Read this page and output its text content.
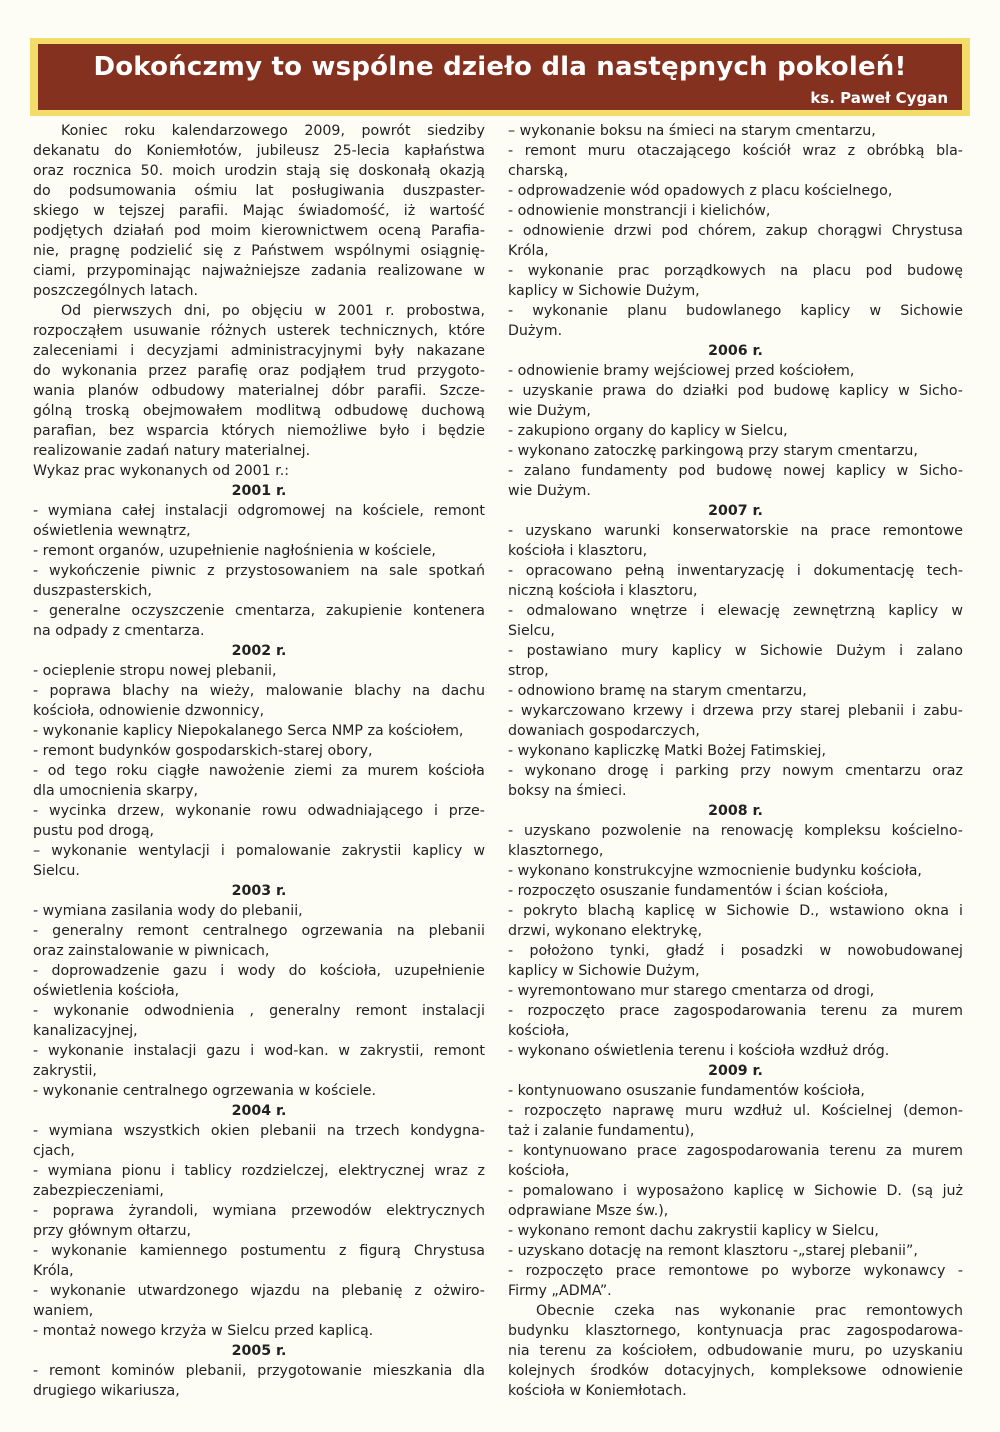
Dokończmy to wspólne dzieło dla następnych pokoleń!
ks. Paweł Cygan
Koniec roku kalendarzowego 2009, powrót siedziby
dekanatu do Koniemłotów, jubileusz 25-lecia kapłaństwa
oraz rocznica 50. moich urodzin stają się doskonałą okazją
do podsumowania ośmiu lat posługiwania duszpaster-
skiego w tejszej parafii. Mając świadomość, iż wartość
podjętych działań pod moim kierownictwem oceną Parafia-
nie, pragnę podzielić się z Państwem wspólnymi osiągnię-
ciami, przypominając najważniejsze zadania realizowane w
poszczególnych latach.
Od pierwszych dni, po objęciu w 2001 r. probostwa,
rozpocząłem usuwanie różnych usterek technicznych, które
zaleceniami i decyzjami administracyjnymi były nakazane
do wykonania przez parafię oraz podjąłem trud przygoto-
wania planów odbudowy materialnej dóbr parafii. Szcze-
gólną troską obejmowałem modlitwą odbudowę duchową
parafian, bez wsparcia których niemożliwe było i będzie
realizowanie zadań natury materialnej.
Wykaz prac wykonanych od 2001 r.:
2001 r.
- wymiana całej instalacji odgromowej na kościele, remont
oświetlenia wewnątrz,
- remont organów, uzupełnienie nagłośnienia w kościele,
- wykończenie piwnic z przystosowaniem na sale spotkań
duszpasterskich,
- generalne oczyszczenie cmentarza, zakupienie kontenera
na odpady z cmentarza.
2002 r.
- ocieplenie stropu nowej plebanii,
- poprawa blachy na wieży, malowanie blachy na dachu
kościoła, odnowienie dzwonnicy,
- wykonanie kaplicy Niepokalanego Serca NMP za kościołem,
- remont budynków gospodarskich-starej obory,
- od tego roku ciągłe nawożenie ziemi za murem kościoła
dla umocnienia skarpy,
- wycinka drzew, wykonanie rowu odwadniającego i prze-
pustu pod drogą,
– wykonanie wentylacji i pomalowanie zakrystii kaplicy w
Sielcu.
2003 r.
- wymiana zasilania wody do plebanii,
- generalny remont centralnego ogrzewania na plebanii
oraz zainstalowanie w piwnicach,
- doprowadzenie gazu i wody do kościoła, uzupełnienie
oświetlenia kościoła,
- wykonanie odwodnienia , generalny remont instalacji
kanalizacyjnej,
- wykonanie instalacji gazu i wod-kan. w zakrystii, remont
zakrystii,
- wykonanie centralnego ogrzewania w kościele.
2004 r.
- wymiana wszystkich okien plebanii na trzech kondygna-
cjach,
- wymiana pionu i tablicy rozdzielczej, elektrycznej wraz z
zabezpieczeniami,
- poprawa żyrandoli, wymiana przewodów elektrycznych
przy głównym ołtarzu,
- wykonanie kamiennego postumentu z figurą Chrystusa
Króla,
- wykonanie utwardzonego wjazdu na plebanię z ożwiro-
waniem,
- montaż nowego krzyża w Sielcu przed kaplicą.
2005 r.
- remont kominów plebanii, przygotowanie mieszkania dla
drugiego wikariusza,
– wykonanie boksu na śmieci na starym cmentarzu,
- remont muru otaczającego kościół wraz z obróbką bla-
charską,
- odprowadzenie wód opadowych z placu kościelnego,
- odnowienie monstrancji i kielichów,
- odnowienie drzwi pod chórem, zakup chorągwi Chrystusa
Króla,
- wykonanie prac porządkowych na placu pod budowę
kaplicy w Sichowie Dużym,
- wykonanie planu budowlanego kaplicy w Sichowie
Dużym.
2006 r.
- odnowienie bramy wejściowej przed kościołem,
- uzyskanie prawa do działki pod budowę kaplicy w Sicho-
wie Dużym,
- zakupiono organy do kaplicy w Sielcu,
- wykonano zatoczkę parkingową przy starym cmentarzu,
- zalano fundamenty pod budowę nowej kaplicy w Sicho-
wie Dużym.
2007 r.
- uzyskano warunki konserwatorskie na prace remontowe
kościoła i klasztoru,
- opracowano pełną inwentaryzację i dokumentację tech-
niczną kościoła i klasztoru,
- odmalowano wnętrze i elewację zewnętrzną kaplicy w
Sielcu,
- postawiano mury kaplicy w Sichowie Dużym i zalano
strop,
- odnowiono bramę na starym cmentarzu,
- wykarczowano krzewy i drzewa przy starej plebanii i zabu-
dowaniach gospodarczych,
- wykonano kapliczkę Matki Bożej Fatimskiej,
- wykonano drogę i parking przy nowym cmentarzu oraz
boksy na śmieci.
2008 r.
- uzyskano pozwolenie na renowację kompleksu kościelno-
klasztornego,
- wykonano konstrukcyjne wzmocnienie budynku kościoła,
- rozpoczęto osuszanie fundamentów i ścian kościoła,
- pokryto blachą kaplicę w Sichowie D., wstawiono okna i
drzwi, wykonano elektrykę,
- położono tynki, gładź i posadzki w nowobudowanej
kaplicy w Sichowie Dużym,
- wyremontowano mur starego cmentarza od drogi,
- rozpoczęto prace zagospodarowania terenu za murem
kościoła,
- wykonano oświetlenia terenu i kościoła wzdłuż dróg.
2009 r.
- kontynuowano osuszanie fundamentów kościoła,
- rozpoczęto naprawę muru wzdłuż ul. Kościelnej (demon-
taż i zalanie fundamentu),
- kontynuowano prace zagospodarowania terenu za murem
kościoła,
- pomalowano i wyposażono kaplicę w Sichowie D. (są już
odprawiane Msze św.),
- wykonano remont dachu zakrystii kaplicy w Sielcu,
- uzyskano dotację na remont klasztoru -„starej plebanii”,
- rozpoczęto prace remontowe po wyborze wykonawcy -
Firmy „ADMA”.
Obecnie czeka nas wykonanie prac remontowych
budynku klasztornego, kontynuacja prac zagospodarowa-
nia terenu za kościołem, odbudowanie muru, po uzyskaniu
kolejnych środków dotacyjnych, kompleksowe odnowienie
kościoła w Koniemłotach.
